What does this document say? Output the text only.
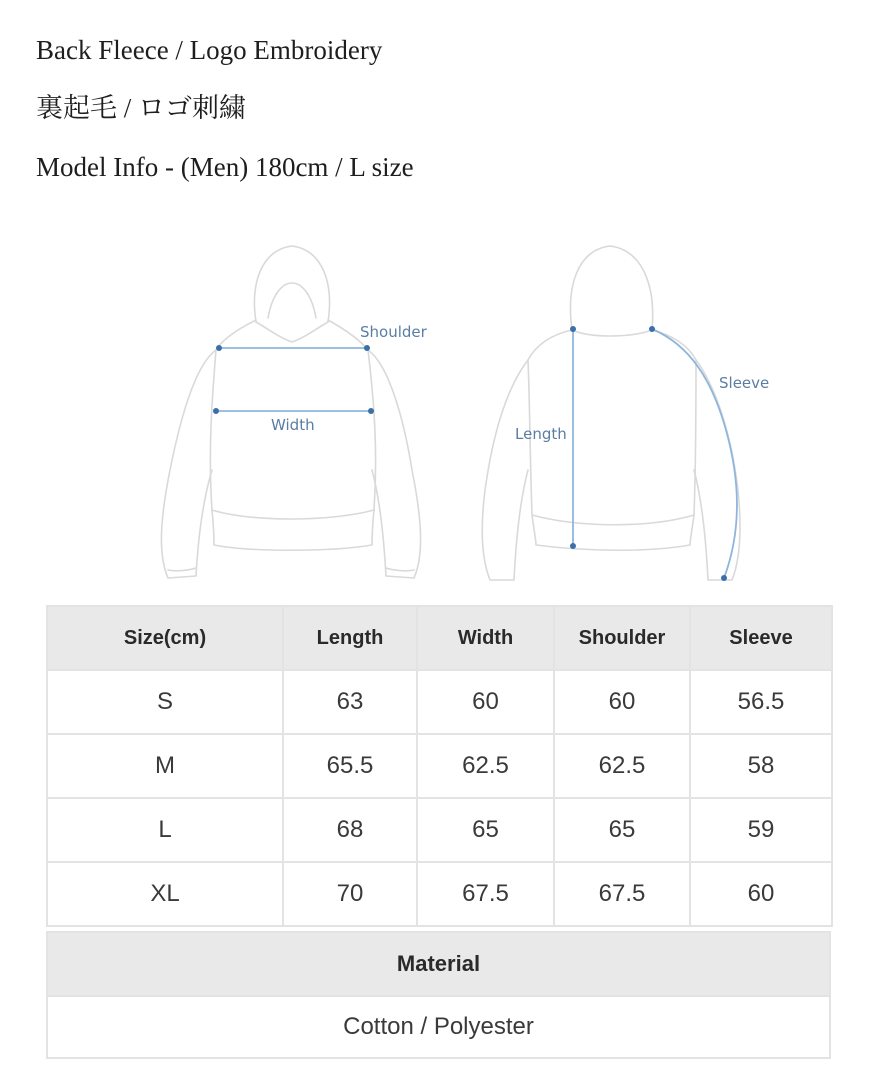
Back Fleece / Logo Embroidery
裏起毛 / ロゴ刺繍
Model Info - (Men) 180cm / L size
Shoulder
Width	Length
Sleeve
Size(cm)	Length	Width	Shoulder	Sleeve
S	63	60	60	56.5
M	65.5	62.5	62.5	58
L	68	65	65	59
XL	70	67.5	67.5	60
Material
Cotton / Polyester
